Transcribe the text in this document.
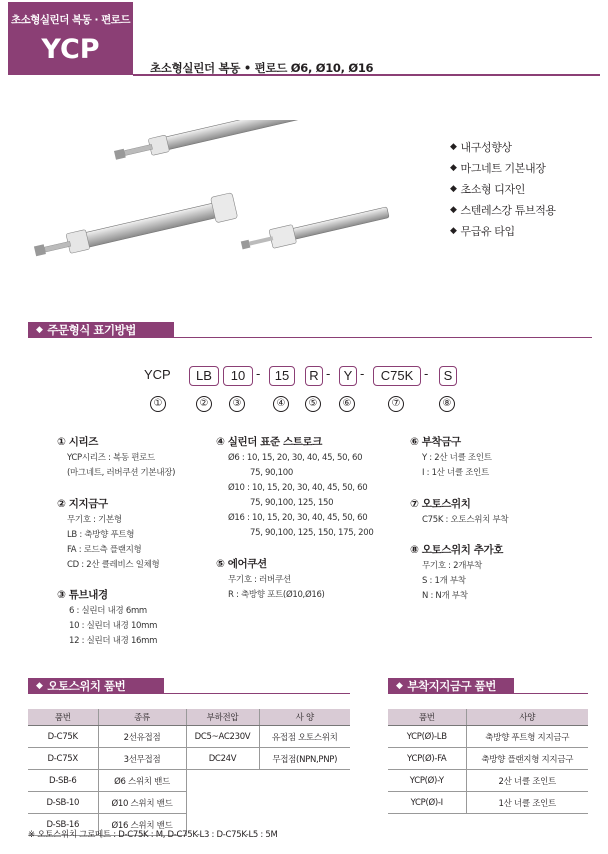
초소형실린더 복동 · 편로드
YCP
초소형실린더 복동 • 편로드 Ø6, Ø10, Ø16
◆ 내구성향상
◆ 마그네트 기본내장
◆ 초소형 디자인
◆ 스텐레스강 튜브적용
◆ 무급유 타입
◆ 주문형식 표기방법
YCP	LB	10 -	15	R -	Y -	C75K -	S
①	②	③	④	⑤	⑥	⑦	⑧
① 시리즈
YCP시리즈 : 복동 편로드
(마그네트, 러버쿠션 기본내장)
② 지지금구
무기호 : 기본형
LB : 축방향 푸트형
FA : 로드측 플랜지형
CD : 2산 클레비스 일체형
③ 튜브내경
6 : 실린더 내경 6mm
10 : 실린더 내경 10mm
12 : 실린더 내경 16mm
④ 실린더 표준 스트로크
Ø6 : 10, 15, 20, 30, 40, 45, 50, 60
75, 90,100
Ø10 : 10, 15, 20, 30, 40, 45, 50, 60
75, 90,100, 125, 150
Ø16 : 10, 15, 20, 30, 40, 45, 50, 60
75, 90,100, 125, 150, 175, 200
⑤ 에어쿠션
무기호 : 러버쿠션
R : 축방향 포트(Ø10,Ø16)
⑥ 부착금구
Y : 2산 너클 조인트
I : 1산 너클 조인트
⑦ 오토스위치
C75K : 오토스위치 부착
⑧ 오토스위치 추가호
무기호 : 2개부착
S : 1개 부착
N : N개 부착
◆ 오토스위치 품번
품번	종류	부하전압	사 양
D-C75K	2선유접점	DC5~AC230V	유접점 오토스위치
D-C75X	3선무접점	DC24V	무접점(NPN,PNP)
D-SB-6	Ø6 스위치 밴드		
D-SB-10	Ø10 스위치 밴드		
D-SB-16	Ø16 스위치 밴드		
◆ 부착지지금구 품번
품번	사양
YCP(Ø)-LB	축방향 푸트형 지지금구
YCP(Ø)-FA	축방향 플랜지형 지지금구
YCP(Ø)-Y	2산 너클 조인트
YCP(Ø)-I	1산 너클 조인트
※ 오토스위치 그로메트 : D-C75K : M, D-C75K-L3 : D-C75K-L5 : 5M
